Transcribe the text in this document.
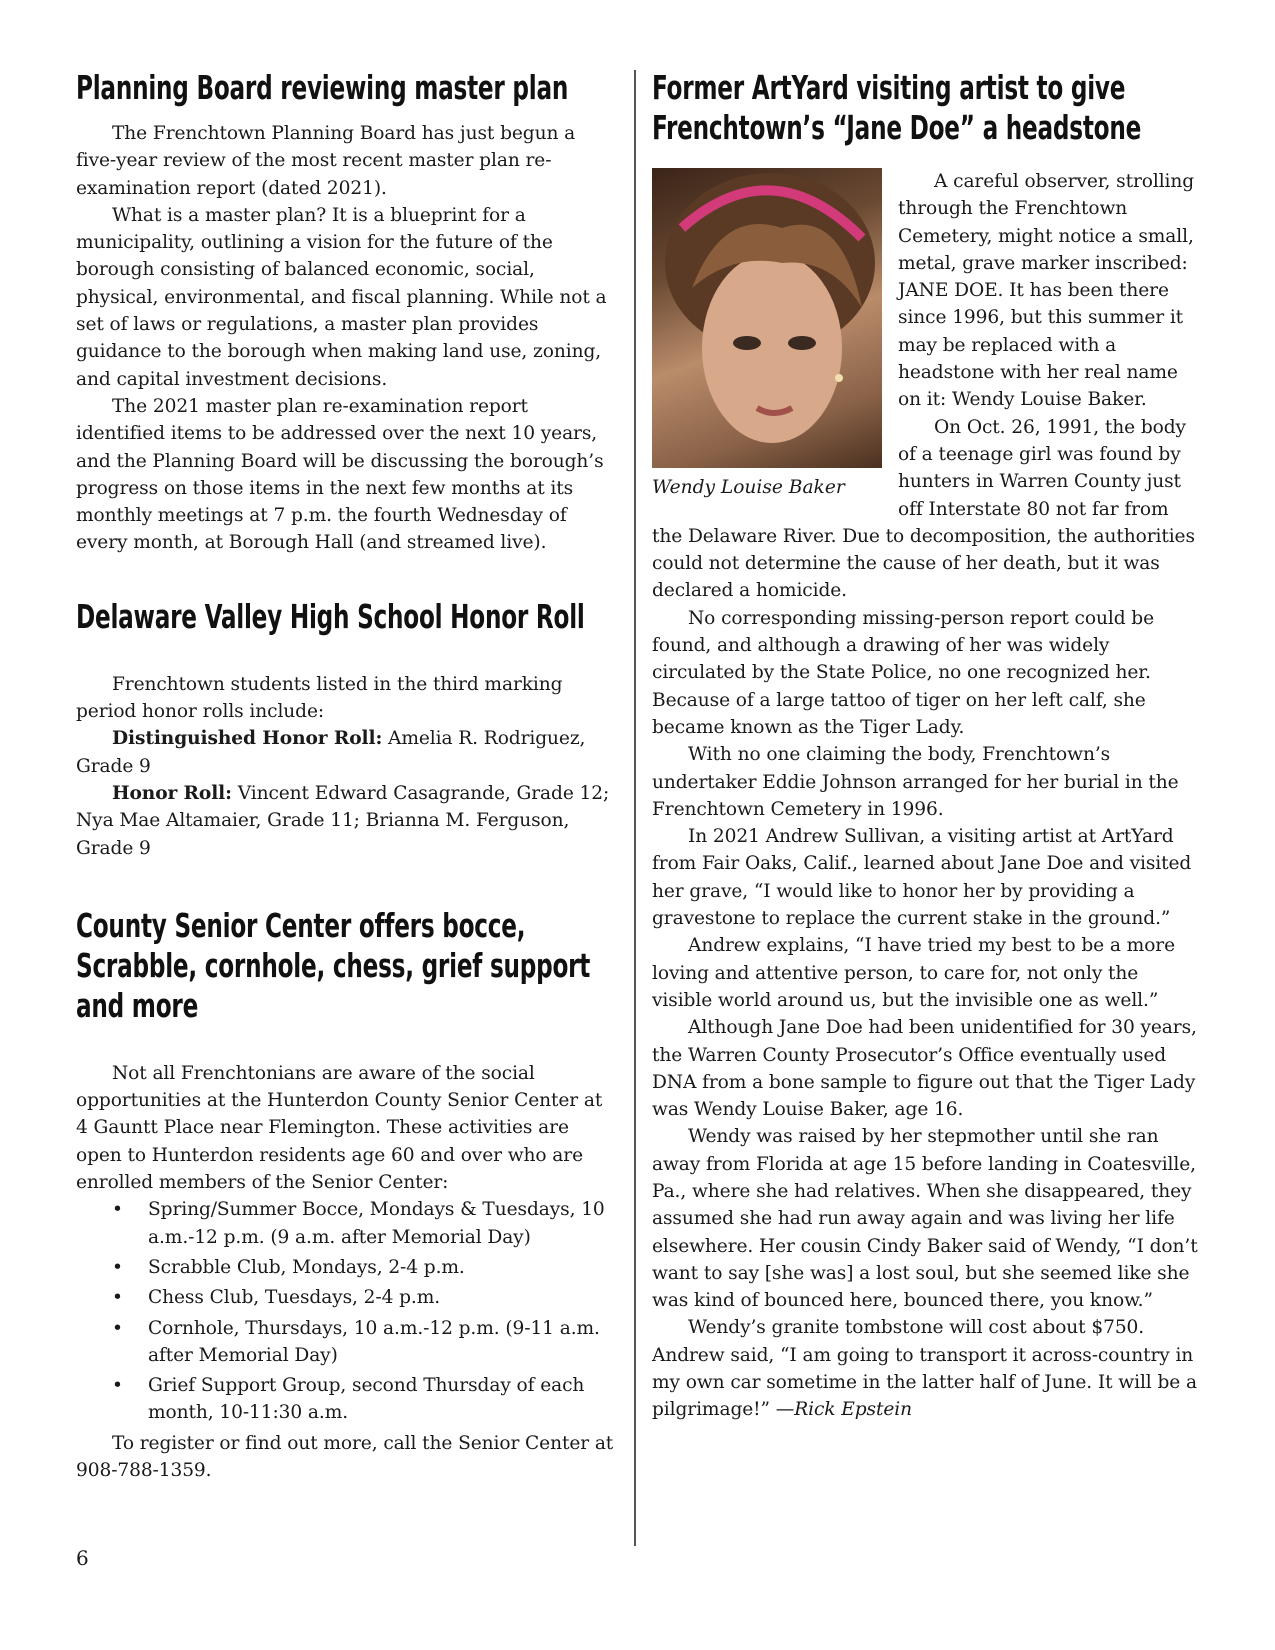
Planning Board reviewing master plan

The Frenchtown Planning Board has just begun a five-year review of the most recent master plan re-examination report (dated 2021).

What is a master plan? It is a blueprint for a municipality, outlining a vision for the future of the borough consisting of balanced economic, social, physical, environmental, and fiscal planning. While not a set of laws or regulations, a master plan provides guidance to the borough when making land use, zoning, and capital investment decisions.

The 2021 master plan re-examination report identified items to be addressed over the next 10 years, and the Planning Board will be discussing the borough’s progress on those items in the next few months at its monthly meetings at 7 p.m. the fourth Wednesday of every month, at Borough Hall (and streamed live).

Delaware Valley High School Honor Roll

Frenchtown students listed in the third marking period honor rolls include:

Distinguished Honor Roll: Amelia R. Rodriguez, Grade 9

Honor Roll: Vincent Edward Casagrande, Grade 12; Nya Mae Altamaier, Grade 11; Brianna M. Ferguson, Grade 9

County Senior Center offers bocce, Scrabble, cornhole, chess, grief support and more

Not all Frenchtonians are aware of the social opportunities at the Hunterdon County Senior Center at 4 Gauntt Place near Flemington. These activities are open to Hunterdon residents age 60 and over who are enrolled members of the Senior Center:

• Spring/Summer Bocce, Mondays & Tuesdays, 10 a.m.-12 p.m. (9 a.m. after Memorial Day)
• Scrabble Club, Mondays, 2-4 p.m.
• Chess Club, Tuesdays, 2-4 p.m.
• Cornhole, Thursdays, 10 a.m.-12 p.m. (9-11 a.m. after Memorial Day)
• Grief Support Group, second Thursday of each month, 10-11:30 a.m.

To register or find out more, call the Senior Center at 908-788-1359.

Former ArtYard visiting artist to give Frenchtown’s “Jane Doe” a headstone
Wendy Louise Baker

A careful observer, strolling through the Frenchtown Cemetery, might notice a small, metal, grave marker inscribed: JANE DOE. It has been there since 1996, but this summer it may be replaced with a headstone with her real name on it: Wendy Louise Baker.

On Oct. 26, 1991, the body of a teenage girl was found by hunters in Warren County just off Interstate 80 not far from the Delaware River. Due to decomposition, the authorities could not determine the cause of her death, but it was declared a homicide.

No corresponding missing-person report could be found, and although a drawing of her was widely circulated by the State Police, no one recognized her. Because of a large tattoo of tiger on her left calf, she became known as the Tiger Lady.

With no one claiming the body, Frenchtown’s undertaker Eddie Johnson arranged for her burial in the Frenchtown Cemetery in 1996.

In 2021 Andrew Sullivan, a visiting artist at ArtYard from Fair Oaks, Calif., learned about Jane Doe and visited her grave, “I would like to honor her by providing a gravestone to replace the current stake in the ground.”

Andrew explains, “I have tried my best to be a more loving and attentive person, to care for, not only the visible world around us, but the invisible one as well.”

Although Jane Doe had been unidentified for 30 years, the Warren County Prosecutor’s Office eventually used DNA from a bone sample to figure out that the Tiger Lady was Wendy Louise Baker, age 16.

Wendy was raised by her stepmother until she ran away from Florida at age 15 before landing in Coatesville, Pa., where she had relatives. When she disappeared, they assumed she had run away again and was living her life elsewhere. Her cousin Cindy Baker said of Wendy, “I don’t want to say [she was] a lost soul, but she seemed like she was kind of bounced here, bounced there, you know.”

Wendy’s granite tombstone will cost about $750. Andrew said, “I am going to transport it across-country in my own car sometime in the latter half of June. It will be a pilgrimage!” —Rick Epstein

6
